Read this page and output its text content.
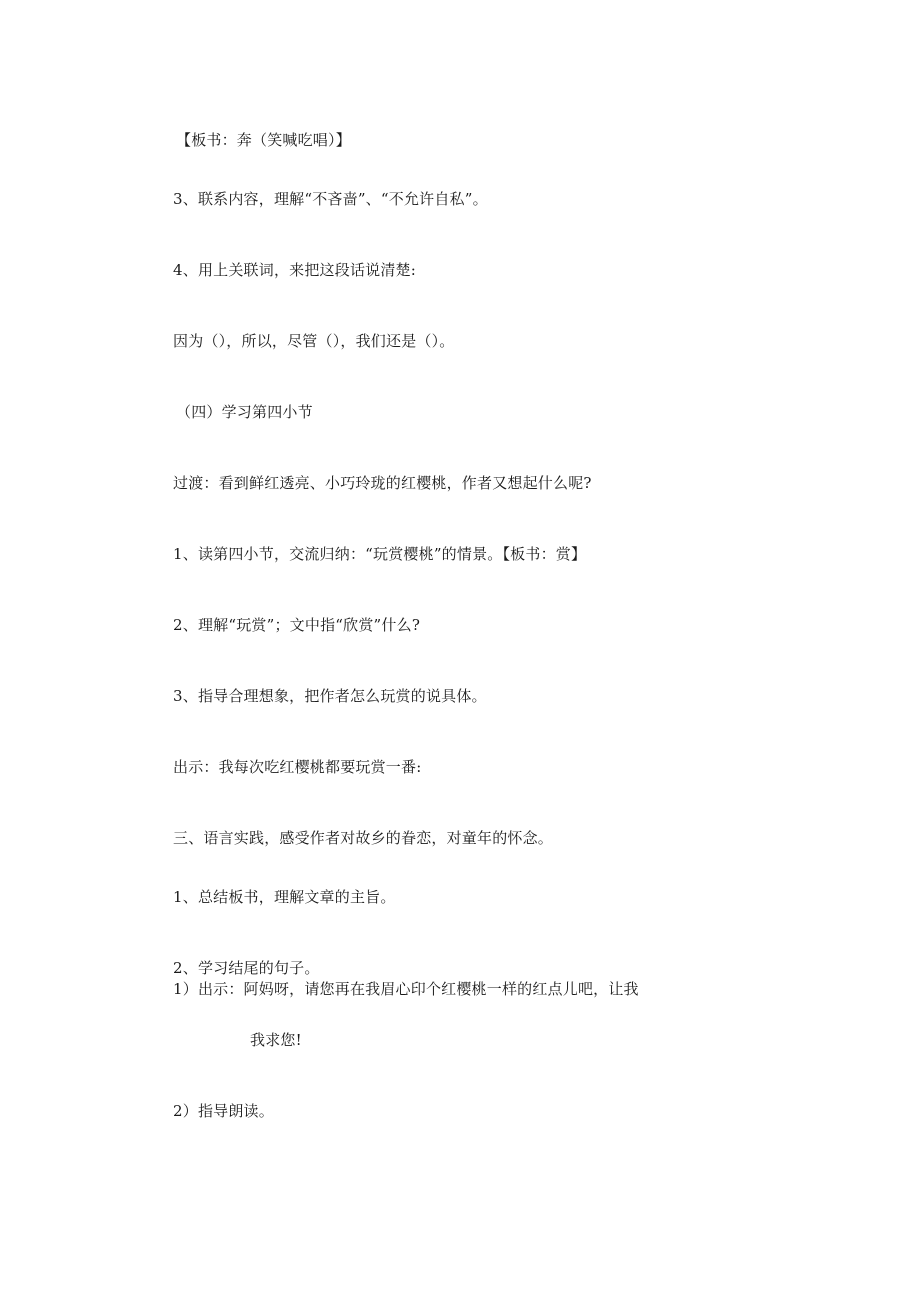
【板书：奔（笑喊吃唱）】
3、联系内容，理解“不吝啬”、“不允许自私”。
4、用上关联词，来把这段话说清楚:
因为（），所以，尽管（），我们还是（）。
（四）学习第四小节
过渡：看到鲜红透亮、小巧玲珑的红樱桃，作者又想起什么呢?
1、读第四小节，交流归纳：“玩赏樱桃”的情景。【板书：赏】
2、理解“玩赏”；文中指“欣赏”什么?
3、指导合理想象，把作者怎么玩赏的说具体。
出示：我每次吃红樱桃都要玩赏一番:
三、语言实践，感受作者对故乡的眷恋，对童年的怀念。
1、总结板书，理解文章的主旨。
2、学习结尾的句子。
1）出示：阿妈呀，请您再在我眉心印个红樱桃一样的红点儿吧，让我
我求您!
2）指导朗读。
